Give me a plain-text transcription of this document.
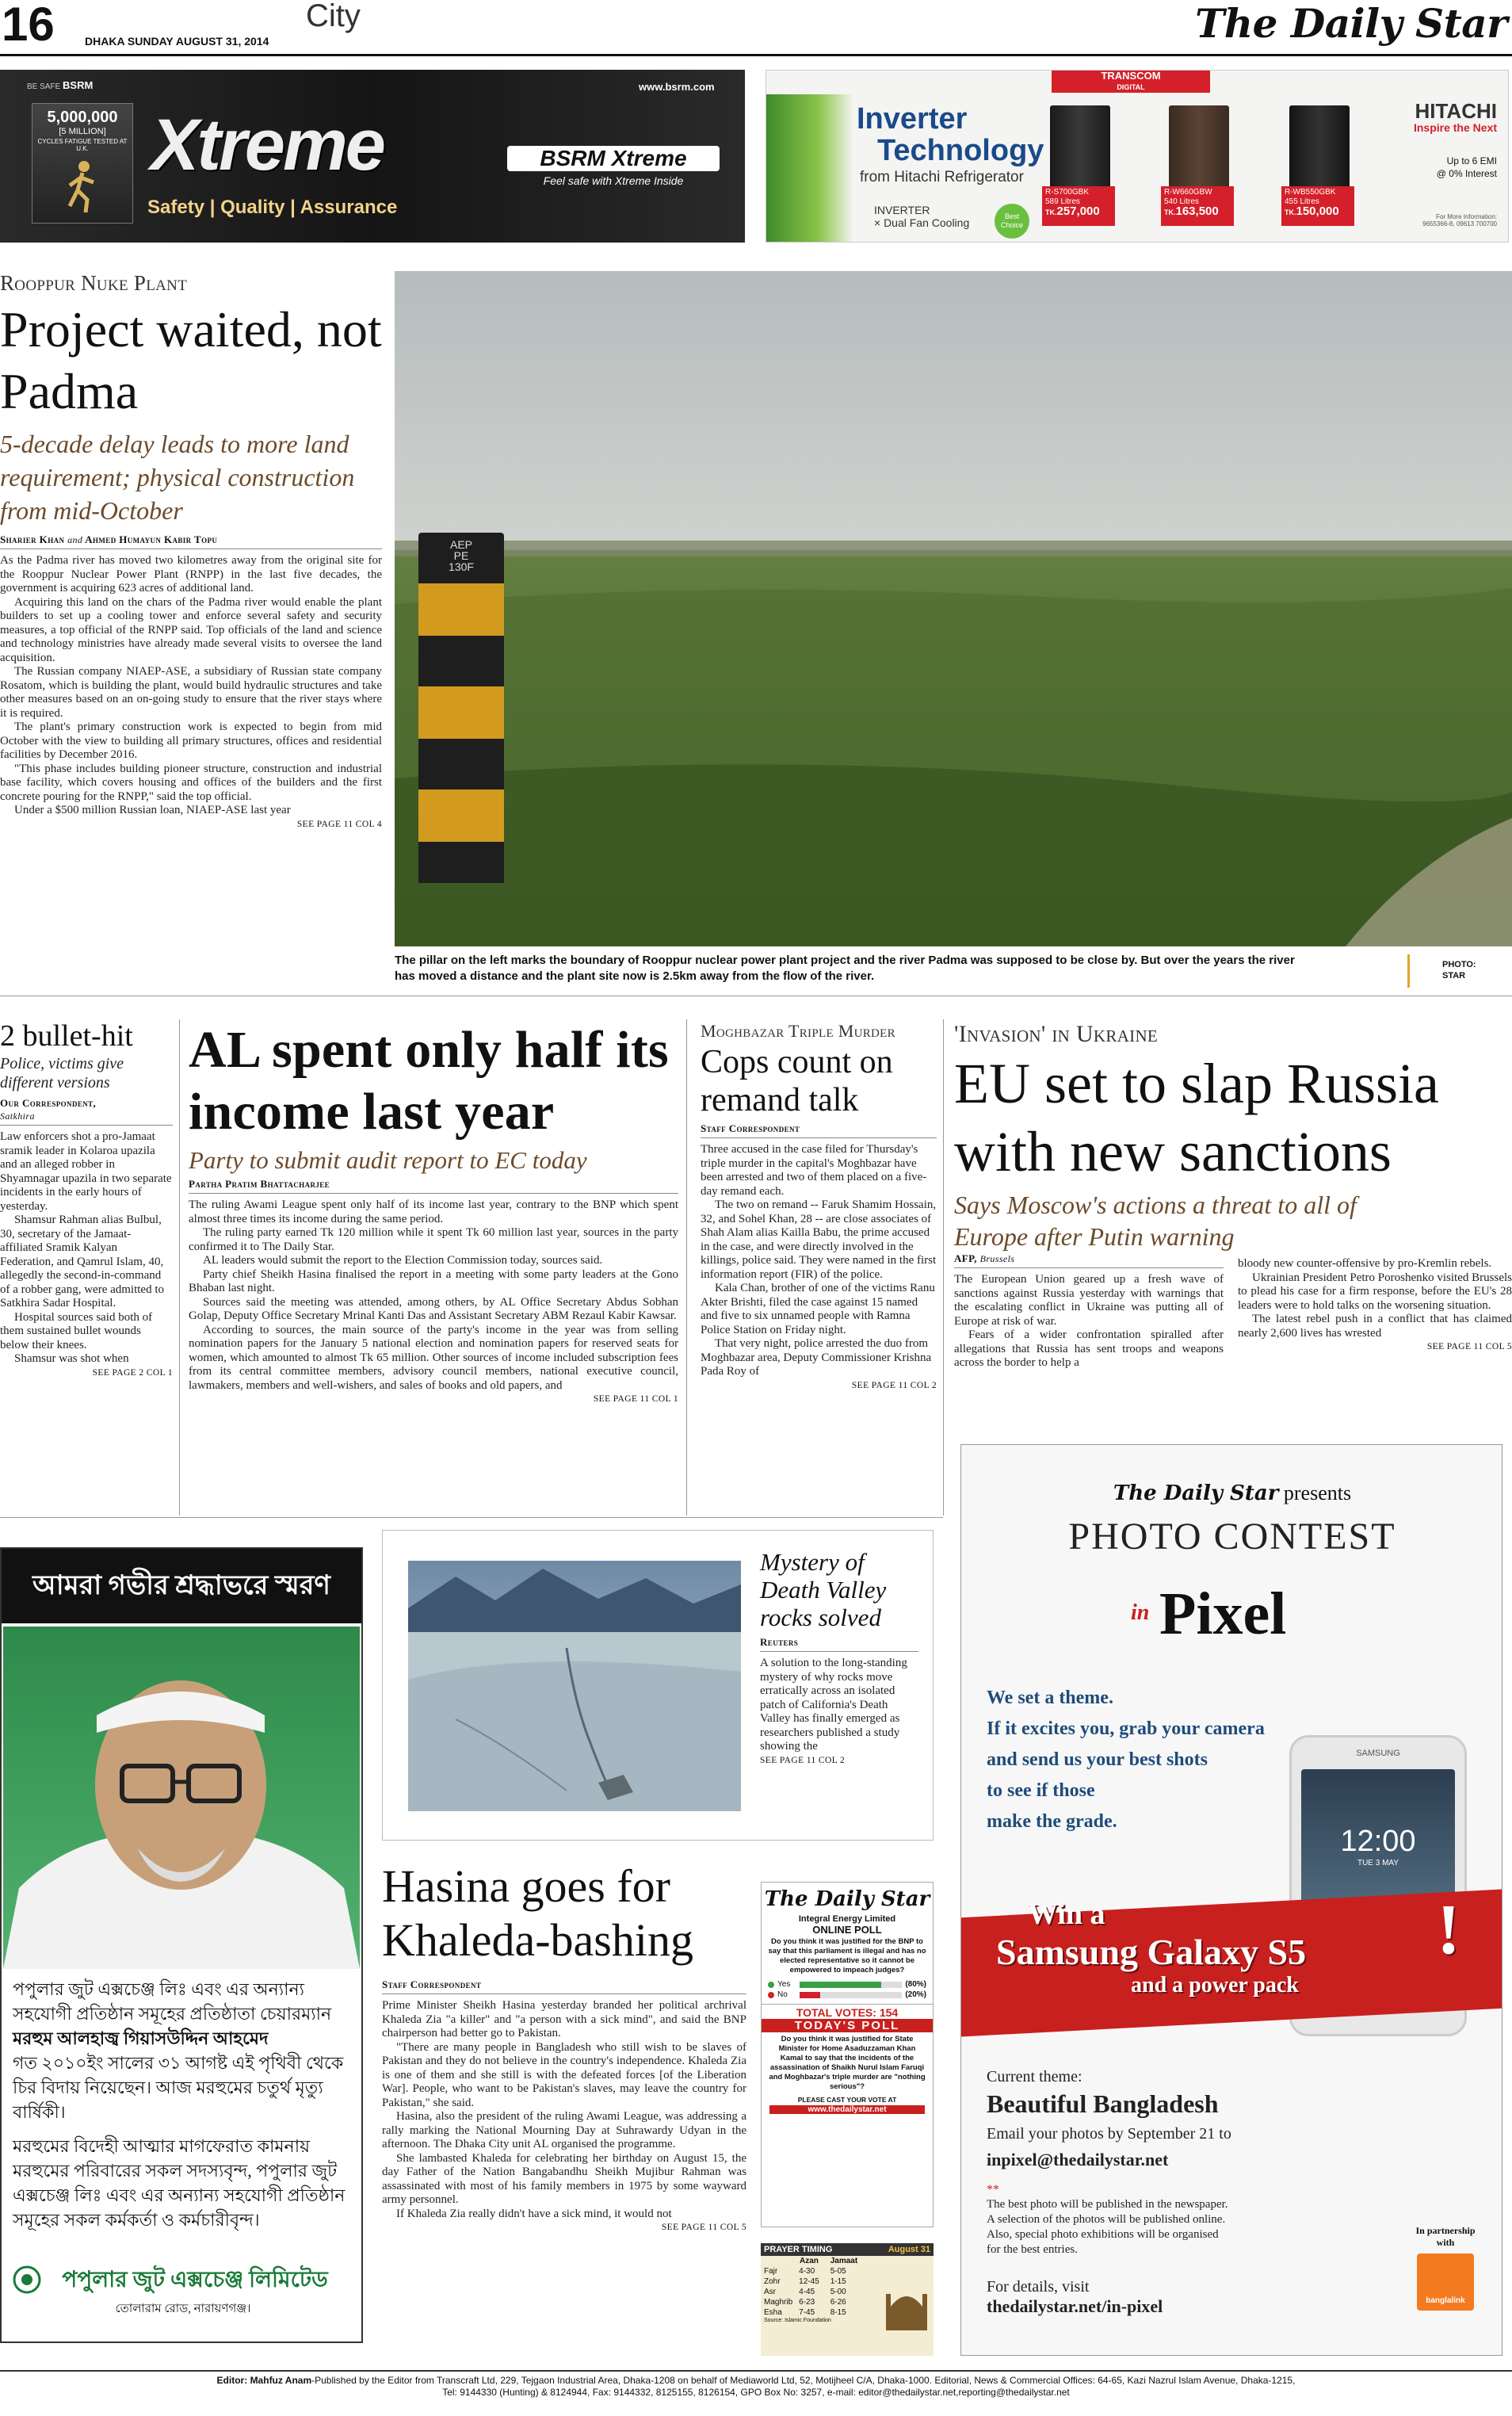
16	DHAKA SUNDAY AUGUST 31, 2014
City	The Daily Star
BE SAFE BSRM	www.bsrm.com
5,000,000
[5 MILLION]
CYCLES FATIGUE TESTED AT U.K. Xtreme
Safety | Quality | Assurance
BSRM Xtreme
Feel safe with Xtreme Inside
TRANSCOM
DIGITAL
Inverter
Technology
from Hitachi Refrigerator
INVERTER
× Dual Fan Cooling	Best Choice
R-S700GBK
589 Litres
TK.257,000
R-W660GBW
540 Litres
TK.163,500
R-WB550GBK
455 Litres
TK.150,000
HITACHI
Inspire the Next
Up to 6 EMI
@ 0% Interest
For More Information:
9655366-8, 09613 700700
Rooppur Nuke Plant
Project waited, not Padma
5-decade delay leads to more land requirement; physical construction from mid-October
Sharier Khan and Ahmed Humayun Kabir Topu

As the Padma river has moved two kilometres away from the original site for the Rooppur Nuclear Power Plant (RNPP) in the last five decades, the government is acquiring 623 acres of additional land.

Acquiring this land on the chars of the Padma river would enable the plant builders to set up a cooling tower and enforce several safety and security measures, a top official of the RNPP said. Top officials of the land and science and technology ministries have already made several visits to oversee the land acquisition.

The Russian company NIAEP-ASE, a subsidiary of Russian state company Rosatom, which is building the plant, would build hydraulic structures and take other measures based on an on-going study to ensure that the river stays where it is required.

The plant's primary construction work is expected to begin from mid October with the view to building all primary structures, offices and residential facilities by December 2016.

"This phase includes building pioneer structure, construction and industrial base facility, which covers housing and offices of the builders and the first concrete pouring for the RNPP," said the top official.

Under a $500 million Russian loan, NIAEP-ASE last year

SEE PAGE 11 COL 4
AEP
PE
130F
The pillar on the left marks the boundary of Rooppur nuclear power plant project and the river Padma was supposed to be close by. But over the years the river has moved a distance and the plant site now is 2.5km away from the flow of the river.
PHOTO: STAR
2 bullet-hit
Police, victims give different versions
Our Correspondent,
Satkhira

Law enforcers shot a pro-Jamaat sramik leader in Kolaroa upazila and an alleged robber in Shyamnagar upazila in two separate incidents in the early hours of yesterday.

Shamsur Rahman alias Bulbul, 30, secretary of the Jamaat-affiliated Sramik Kalyan Federation, and Qamrul Islam, 40, allegedly the second-in-command of a robber gang, were admitted to Satkhira Sadar Hospital.

Hospital sources said both of them sustained bullet wounds below their knees.

Shamsur was shot when

SEE PAGE 2 COL 1
AL spent only half its income last year
Party to submit audit report to EC today
Partha Pratim Bhattacharjee

The ruling Awami League spent only half of its income last year, contrary to the BNP which spent almost three times its income during the same period.

The ruling party earned Tk 120 million while it spent Tk 60 million last year, sources in the party confirmed it to The Daily Star.

AL leaders would submit the report to the Election Commission today, sources said.

Party chief Sheikh Hasina finalised the report in a meeting with some party leaders at the Gono Bhaban last night.

Sources said the meeting was attended, among others, by AL Office Secretary Abdus Sobhan Golap, Deputy Office Secretary Mrinal Kanti Das and Assistant Secretary ABM Rezaul Kabir Kawsar.

According to sources, the main source of the party's income in the year was from selling nomination papers for the January 5 national election and nomination papers for reserved seats for women, which amounted to almost Tk 65 million. Other sources of income included subscription fees from its central committee members, advisory council members, national executive council, lawmakers, members and well-wishers, and sales of books and old papers, and

SEE PAGE 11 COL 1
Moghbazar Triple Murder
Cops count on remand talk
Staff Correspondent

Three accused in the case filed for Thursday's triple murder in the capital's Moghbazar have been arrested and two of them placed on a five-day remand each.

The two on remand -- Faruk Shamim Hossain, 32, and Sohel Khan, 28 -- are close associates of Shah Alam alias Kailla Babu, the prime accused in the case, and were directly involved in the killings, police said. They were named in the first information report (FIR) of the police.

Kala Chan, brother of one of the victims Ranu Akter Brishti, filed the case against 15 named and five to six unnamed people with Ramna Police Station on Friday night.

That very night, police arrested the duo from Moghbazar area, Deputy Commissioner Krishna Pada Roy of

SEE PAGE 11 COL 2
'Invasion' in Ukraine
EU set to slap Russia with new sanctions
Says Moscow's actions a threat to all of Europe after Putin warning
AFP, Brussels

The European Union geared up a fresh wave of sanctions against Russia yesterday with warnings that the escalating conflict in Ukraine was putting all of Europe at risk of war.

Fears of a wider confrontation spiralled after allegations that Russia has sent troops and weapons across the border to help a

bloody new counter-offensive by pro-Kremlin rebels.

Ukrainian President Petro Poroshenko visited Brussels to plead his case for a firm response, before the EU's 28 leaders were to hold talks on the worsening situation.

The latest rebel push in a conflict that has claimed nearly 2,600 lives has wrested

SEE PAGE 11 COL 5
আমরা গভীর শ্রদ্ধাভরে স্মরণ
পপুলার জুট এক্সচেঞ্জ লিঃ এবং এর অন্যান্য সহযোগী প্রতিষ্ঠান সমূহের প্রতিষ্ঠাতা চেয়ারম্যান
মরহুম আলহাজ্ব গিয়াসউদ্দিন আহমেদ
গত ২০১০ইং সালের ৩১ আগষ্ট এই পৃথিবী থেকে চির বিদায় নিয়েছেন। আজ মরহুমের চতুর্থ মৃত্যু বার্ষিকী।
মরহুমের বিদেহী আত্মার মাগফেরাত কামনায় মরহুমের পরিবারের সকল সদস্যবৃন্দ, পপুলার জুট এক্সচেঞ্জ লিঃ এবং এর অন্যান্য সহযোগী প্রতিষ্ঠান সমূহের সকল কর্মকর্তা ও কর্মচারীবৃন্দ।
পপুলার জুট এক্সচেঞ্জ লিমিটেড
তোলারাম রোড, নারায়ণগঞ্জ।
Mystery of Death Valley rocks solved
Reuters
A solution to the long-standing mystery of why rocks move erratically across an isolated patch of California's Death Valley has finally emerged as researchers published a study showing the
SEE PAGE 11 COL 2
Hasina goes for Khaleda-bashing
Staff Correspondent

Prime Minister Sheikh Hasina yesterday branded her political archrival Khaleda Zia "a killer" and "a person with a sick mind", and said the BNP chairperson had better go to Pakistan.

"There are many people in Bangladesh who still wish to be slaves of Pakistan and they do not believe in the country's independence. Khaleda Zia is one of them and she still is with the defeated forces [of the Liberation War]. People, who want to be Pakistan's slaves, may leave the country for Pakistan," she said.

Hasina, also the president of the ruling Awami League, was addressing a rally marking the National Mourning Day at Suhrawardy Udyan in the afternoon. The Dhaka City unit AL organised the programme.

She lambasted Khaleda for celebrating her birthday on August 15, the day Father of the Nation Bangabandhu Sheikh Mujibur Rahman was assassinated with most of his family members in 1975 by some wayward army personnel.

If Khaleda Zia really didn't have a sick mind, it would not

SEE PAGE 11 COL 5
The Daily Star
Integral Energy Limited
ONLINE POLL
Do you think it was justified for the BNP to say that this parliament is illegal and has no elected representative so it cannot be empowered to impeach judges?
Yes	(80%)
No	(20%)
TOTAL VOTES: 154
TODAY'S POLL
Do you think it was justified for State Minister for Home Asaduzzaman Khan Kamal to say that the incidents of the assassination of Shaikh Nurul Islam Faruqi and Moghbazar's triple murder are "nothing serious"?
PLEASE CAST YOUR VOTE AT
www.thedailystar.net
PRAYER TIMING	August 31
	Azan	Jamaat
Fajr	4-30	5-05
Zohr	12-45	1-15
Asr	4-45	5-00
Maghrib	6-23	6-26
Esha	7-45	8-15
Source: Islamic Foundation
The Daily Star presents
PHOTO CONTEST
in Pixel
We set a theme.
If it excites you, grab your camera
and send us your best shots
to see if those
make the grade.
SAMSUNG
12:00
TUE 3 MAY
Win a
Samsung Galaxy S5
and a power pack
!
Current theme:
Beautiful Bangladesh
Email your photos by September 21 to
inpixel@thedailystar.net
**
The best photo will be published in the newspaper.
A selection of the photos will be published online.
Also, special photo exhibitions will be organised
for the best entries.
For details, visit
thedailystar.net/in-pixel
In partnership
with
banglalink
Editor: Mahfuz Anam-Published by the Editor from Transcraft Ltd, 229, Tejgaon Industrial Area, Dhaka-1208 on behalf of Mediaworld Ltd, 52, Motijheel C/A, Dhaka-1000. Editorial, News & Commercial Offices: 64-65, Kazi Nazrul Islam Avenue, Dhaka-1215,
Tel: 9144330 (Hunting) & 8124944, Fax: 9144332, 8125155, 8126154, GPO Box No: 3257, e-mail: editor@thedailystar.net,reporting@thedailystar.net
